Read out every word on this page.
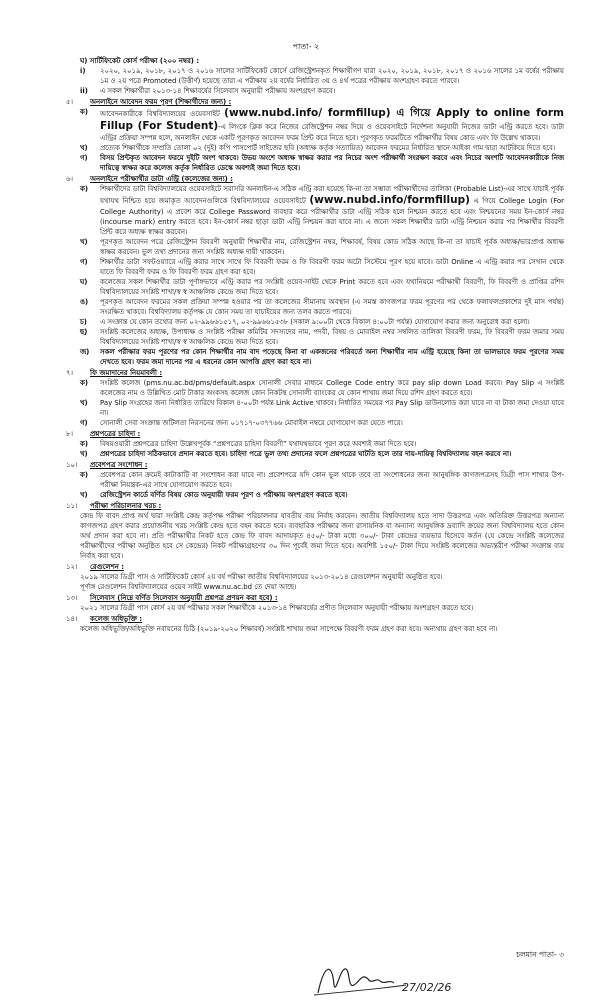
পাতা- ২
ঘ) সার্টিফিকেট কোর্স পরীক্ষা (২০০ নম্বর) :
i)	২০২০, ২০১৯, ২০১৮, ২০১৭ ও ২০১৬ সালের সার্টিফিকেট কোর্সে রেজিস্ট্রেশনকৃত শিক্ষার্থীগণ যারা ২০২০, ২০১৯, ২০১৮, ২০১৭ ও ২০১৬ সালের ১ম বর্ষের পরীক্ষায় ১ম ও ২য় পত্রে Promoted (উত্তীর্ণ) হয়েছে তারা এ পরীক্ষায় ২য় বর্ষের নির্ধারিত ৩য় ও ৪র্থ পত্রের পরীক্ষায় অংশগ্রহণ করতে পারবে।
ii)	এ সকল শিক্ষার্থীরা ২০১৩-১৪ শিক্ষাবর্ষের সিলেবাস অনুযায়ী পরীক্ষায় অংশগ্রহণ করবে।
৫।	অনলাইনে আবেদন ফরম পূরণ (শিক্ষার্থীদের জন্য) :
ক)	আবেদনকারীকে বিশ্ববিদ্যালয়ের ওয়েবসাইট (www.nubd.info/ formfillup) এ গিয়ে Apply to online form Fillup (For Student)-এ লিংকে ক্লিক করে নিজের রেজিস্ট্রেশন নম্বর দিয়ে ও ওয়েবসাইটে নির্দেশনা অনুযায়ী নিজের ডাটা এন্ট্রি করতে হবে। ডাটা এন্ট্রির প্রক্রিয়া সম্পন্ন হলে, অনলাইন থেকে একটি পূরণকৃত আবেদন ফরম প্রিন্ট করে নিতে হবে। পূরণকৃত ফরমটিতে পরীক্ষার্থীর বিষয় কোড এবং ফি উল্লেখ থাকবে।
খ)	প্রত্যেক শিক্ষার্থীকে সম্প্রতি তোলা ০২ (দুই) কপি পাসপোর্ট সাইজের ছবি (অধ্যক্ষ কর্তৃক সত্যায়িত) আবেদন ফরমের নির্ধারিত স্থানে আইকা গাম দ্বারা আটকিয়ে দিতে হবে।
গ)	বিসয় প্রিন্টকৃত আবেদন ফরমে দুইটি অংশ থাকবে। উভয় অংশে অধ্যক্ষ স্বাক্ষর করার পর নিচের অংশ পরীক্ষার্থী সংরক্ষণ করবে এবং নিচের অংশটি আবেদনকারীকে নিজ দায়িত্বে স্বাক্ষর করে কলেজ কর্তৃক নির্ধারিত ডেস্কে অবশ্যই জমা দিতে হবে।
৬।	অনলাইনে পরীক্ষার্থীর ডাটা এন্ট্রি (কলেজের জন্য) :
ক)	শিক্ষার্থীদের ডাটা বিশ্ববিদ্যালয়ের ওয়েবসাইটে সরাসরি অনলাইন-এ সঠিক এন্ট্রি করা হয়েছে কি-না তা সম্ভাব্য পরীক্ষার্থীদের তালিকা (Probable List)-এর সাথে যাচাই পূর্বক যথাযথ নিশ্চিত হয়ে জমাকৃত আবেদনগুলিকে বিশ্ববিদ্যালয়ের ওয়েবসাইটে (www.nubd.info/formfillup) এ গিয়ে College Login (For College Authority) এ প্রবেশ করে College Password ব্যবহার করে পরীক্ষার্থীর ডাটা এন্ট্রি সঠিক হলে নিশ্চয়ন করতে হবে এবং নিশ্চয়নের সময় ইন-কোর্স নম্বর (incourse mark) entry করতে হবে। ইন-কোর্স নম্বর ছাড়া ডাটা এন্ট্রি নিশ্চয়ন করা যাবে না। এ জন্যে সকল শিক্ষার্থীর ডাটা এন্ট্রি নিশ্চয়ন করার পর শিক্ষার্থীর বিবরণী প্রিন্ট করে অধ্যক্ষ স্বাক্ষর করবেন।
খ)	পূরণকৃত আবেদন পত্রে রেজিস্ট্রেশন বিবরণী অনুযায়ী শিক্ষার্থীর নাম, রেজিস্ট্রেশন নম্বর, শিক্ষাবর্ষ, বিষয় কোড সঠিক আছে কি-না তা যাচাই পূর্বক অধ্যক্ষ/ভারপ্রাপ্ত অধ্যক্ষ স্বাক্ষর করবেন। ভুল তথ্য প্রদানের জন্য সংশ্লিষ্ট অধ্যক্ষ দায়ী থাকবেন।
গ)	শিক্ষার্থীর ডাটা সফটওয়্যারে এন্ট্রি করার সাথে সাথে ফি বিবরণী ফরম ও ফি বিবরণী ফরম অটো সিস্টেমে পূরণ হয়ে যাবে। ডাটা Online এ এন্ট্রি করার পর সেখান থেকে যাতে ফি বিবরণী ফরম ও ফি বিবরণী ফরম গ্রহণ করা হবে।
ঘ)	কলেজের সকল শিক্ষার্থীর ডাটা পূর্ণাঙ্গভাবে এন্ট্রি করার পর সংশ্লিষ্ট ওয়েব-সাইট থেকে Print করতে হবে এবং যথানিয়মে পরীক্ষার্থী বিবরণী, ফি বিবরণী ও প্রাপ্তির রশিদ বিশ্ববিদ্যালয়ের সংশ্লিষ্ট শাখা/স্ব স্ব আঞ্চলিক কেন্দ্রে জমা দিতে হবে।
ঙ)	পূরণকৃত আবেদন ফরমের সকল প্রক্রিয়া সম্পন্ন হওয়ার পর তা কলেজের সীমানায় অবস্থান (এ সমস্ত কাগজপত্র ফরম পূরণের পর থেকে ফলাফলপ্রকাশের দুই মাস পর্যন্ত) সংরক্ষিত থাকবে। বিশ্ববিদ্যালয় কর্তৃপক্ষ যে কোন সময় তা যাচাইয়ের জন্য তলব করতে পারবে।
চ)	এ সংক্রান্ত যে কোন তথ্যের জন্য ০২-৯৯৬৬১৫১৭, ০২-৯৯৬৬১৫৩৮ (সকাল ৯:০০টা থেকে বিকাল ৪:০০টা পর্যন্ত) যোগাযোগ করার জন্য অনুরোধ করা হলো।
ছ)	সংশ্লিষ্ট কলেজের অধ্যক্ষ, উপাধ্যক্ষ ও সংশ্লিষ্ট পরীক্ষা কমিটির সদস্যদের নাম, পদবী, বিষয় ও মোবাইল নম্বর সম্বলিত তালিকা বিবরণী ফরম, ফি বিবরণী ফরম জমার সময় বিশ্ববিদ্যালয়ের সংশ্লিষ্ট শাখা/স্ব স্ব আঞ্চলিক কেন্দ্রে জমা দিতে হবে।
জ)	সকল পরীক্ষার ফরম পূরণের পর কোন শিক্ষার্থীর নাম বাদ পড়েছে কিনা বা একজনের পরিবর্তে অন্য শিক্ষার্থীর নাম এন্ট্রি হয়েছে কিনা তা ভালভাবে ফরম পূরণের সময় দেখতে হবে। ফরম জমা দানের পর এ ধরনের কোন আপত্তি গ্রহণ করা হবে না।
৭।	ফি জমাদানের নিয়মাবলী :
ক)	সংশ্লিষ্ট কলেজ (pms.nu.ac.bd/pms/default.aspx সোনালী সেবার মাধ্যমে College Code entry করে pay slip down Load করবে। Pay Slip এ সংশ্লিষ্ট কলেজের নাম ও উল্লিখিত মোট টাকার অংকসহ কলেজ কোন নিকটস্থ সোনালী ব্যাংকের যে কোন শাখায় জমা দিয়ে রশিদ গ্রহণ করতে হবে।
খ)	Pay Slip সংগ্রহের জন্য নির্ধারিত তারিখে বিকাল ৪-০০টা পর্যন্ত Link Active থাকবে। নির্ধারিত সময়ের পর Pay Slip ডাউনলোড করা যাবে না বা টাকা জমা দেওয়া যাবে না।
গ)	সোনালী সেবা সংক্রান্ত জটিলতা নিরসনের জন্য ০১৭১৭-০৩৭৭৬৬ মোবাইল নম্বরে যোগাযোগ করা যেতে পারে।
৮।	প্রশ্নপত্রের চাহিদা :
ক)	বিষয়ওয়ারী প্রশ্নপত্রের চাহিদা উল্লেখপূর্বক “প্রশ্নপত্রের চাহিদা বিবরণী” যথাযথভাবে পূরণ করে অবশ্যই জমা দিতে হবে।
খ)	প্রশ্নপত্রের চাহিদা সঠিকভাবে প্রদান করতে হবে। চাহিদা পত্রে ভুল তথ্য প্রদানের ফলে প্রশ্নপত্রের ঘাটতি হলে তার দায়-দায়িত্ব বিশ্ববিদ্যালয় বহন করবে না।
১০।	প্রবেশপত্র সংশোধন :
ক)	প্রবেশপত্র কোন ক্রমেই কাটাকাটি বা সংশোধন করা যাবে না। প্রবেশপত্রে যদি কোন ভুল থাকে তবে তা সংশোধনের জন্য আনুষঙ্গিক কাগজপত্রসহ ডিগ্রী পাস শাখার উপ-পরীক্ষা নিয়ন্ত্রক-এর সাথে যোগাযোগ করতে হবে।
খ)	রেজিস্ট্রেশন কার্ডে বর্ণিত বিষয় কোড অনুযায়ী ফরম পূরণ ও পরীক্ষায় অংশগ্রহণ করতে হবে।
১১।	পরীক্ষা পরিচালনার খরচ :
কেন্দ্র ফি বাবদ প্রাপ্ত অর্থ দ্বারা সংশ্লিষ্ট কেন্দ্র কর্তৃপক্ষ পরীক্ষা পরিচালনার যাবতীয় ব্যয় নির্বাহ করবেন। জাতীয় বিশ্ববিদ্যালয় হতে সাদা উত্তরপত্র এবং অতিরিক্ত উত্তরপত্র অন্যান্য কাগজপত্র গ্রহণ করার প্রয়োজনীয় খরচ সংশ্লিষ্ট কেন্দ্র হতে বহন করতে হবে। ব্যবহারিক পরীক্ষার জন্য রাসায়নিক বা অন্যান্য আনুষঙ্গিক দ্রব্যাদি ক্রয়ের জন্য বিশ্ববিদ্যালয় হতে কোন অর্থ প্রদান করা হবে না। প্রতি পরীক্ষার্থীর নিকট হতে কেন্দ্র ফি বাবদ আদায়কৃত ৪৫০/- টাকা মধ্যে ৩০০/- টাকা কেন্দ্রের ব্যয়ভার হিসেবে কর্তন (যে কেন্দ্রে সংশ্লিষ্ট কলেজের পরীক্ষার্থীদের পরীক্ষা অনুষ্ঠিত হবে সে কেন্দ্রের) নিকট পরীক্ষাগ্রহণের ৩০ দিন পূর্বেই জমা দিতে হবে। অবশিষ্ট ১৫০/- টাকা দিয়ে সংশ্লিষ্ট কলেজের অভ্যন্তরীণ পরীক্ষা সংক্রান্ত ব্যয় নির্বাহ করা হবে।
১২।	রেগুলেশন :
২০১৯ সালের ডিগ্রী পাস ও সার্টিফিকেট কোর্স ২য় বর্ষ পরীক্ষা জাতীয় বিশ্ববিদ্যালয়ের ২০১৩-২০১৪ রেগুলেশন অনুযায়ী অনুষ্ঠিত হবে।
পূর্ণাঙ্গ রেগুলেশন বিশ্ববিদ্যালয়ের ওয়েব সাইট www.nu.ac.bd তে দেয়া আছে।
১৩।	সিলেবাস (নিম্নে বর্ণিত সিলেবাস অনুযায়ী প্রশ্নপত্র প্রণয়ন করা হবে) :
২০২১ সালের ডিগ্রী পাস কোর্স ২য় বর্ষ পরীক্ষার সকল শিক্ষার্থীকে ২০১৩-১৪ শিক্ষাবর্ষের প্রণীত সিলেবাস অনুযায়ী পরীক্ষায় অংশগ্রহণ করতে হবে।
১৪।	কলেজ অধিভুক্তি :
কলেজ অধিভুক্তি/অধিভুক্তি নবায়নের চিঠি (২০১৯-২০২০ শিক্ষাবর্ষ) সংশ্লিষ্ট শাখায় জমা সাপেক্ষে বিবরণী ফরম গ্রহণ করা হবে। অন্যথায় গ্রহণ করা হবে না।
চলমান পাতা- ৩
27/02/26
